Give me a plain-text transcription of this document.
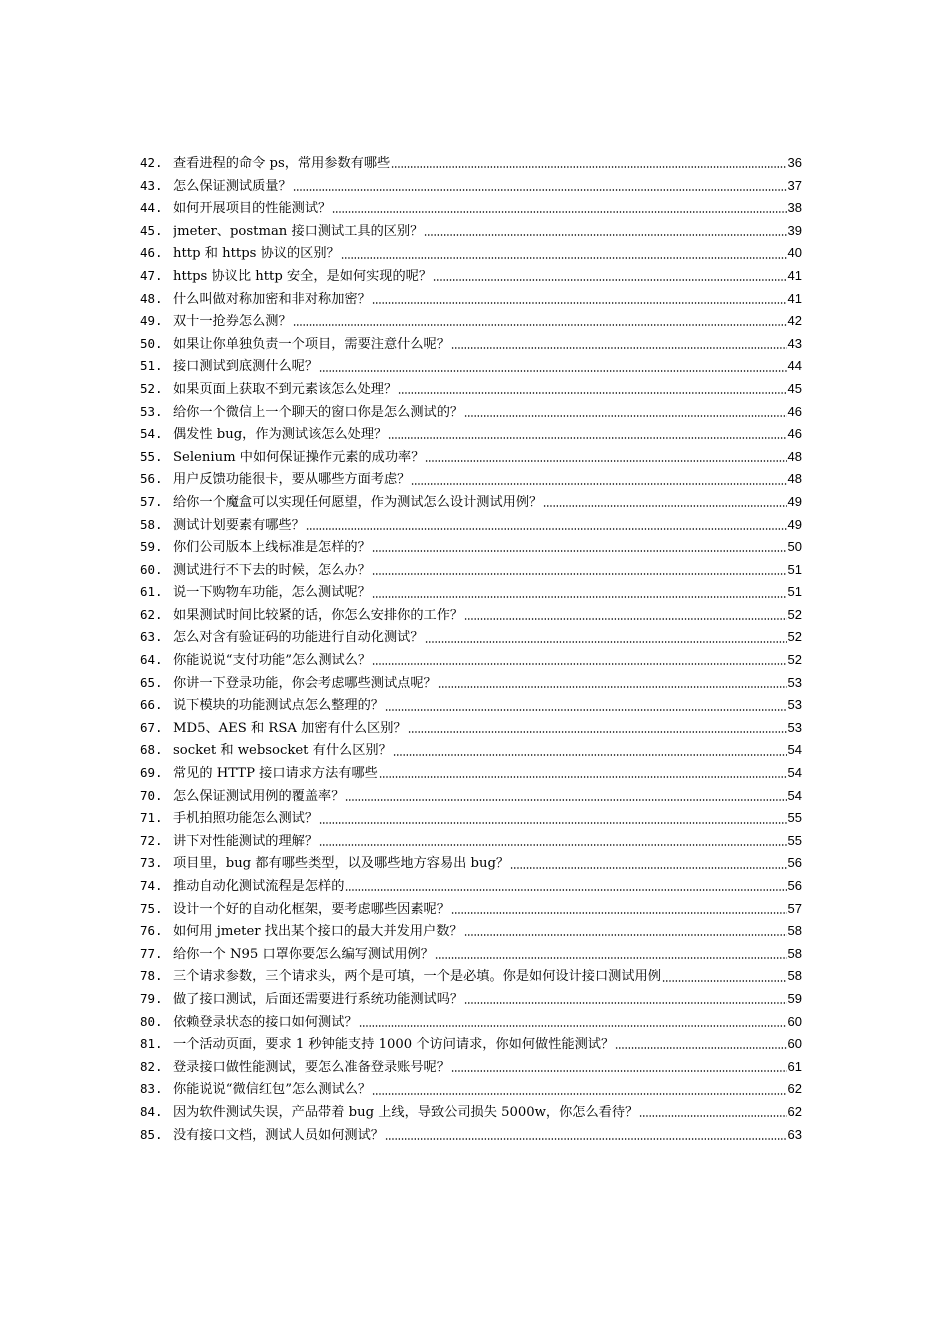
42. 查看进程的命令 ps，常用参数有哪些	36
43. 怎么保证测试质量？	37
44. 如何开展项目的性能测试？	38
45. jmeter、postman 接口测试工具的区别？	39
46. http 和 https 协议的区别？	40
47. https 协议比 http 安全，是如何实现的呢？	41
48. 什么叫做对称加密和非对称加密？	41
49. 双十一抢券怎么测？	42
50. 如果让你单独负责一个项目，需要注意什么呢？	43
51. 接口测试到底测什么呢？	44
52. 如果页面上获取不到元素该怎么处理？	45
53. 给你一个微信上一个聊天的窗口你是怎么测试的？	46
54. 偶发性 bug，作为测试该怎么处理？	46
55. Selenium 中如何保证操作元素的成功率？	48
56. 用户反馈功能很卡，要从哪些方面考虑？	48
57. 给你一个魔盒可以实现任何愿望，作为测试怎么设计测试用例？	49
58. 测试计划要素有哪些？	49
59. 你们公司版本上线标准是怎样的？	50
60. 测试进行不下去的时候，怎么办？	51
61. 说一下购物车功能，怎么测试呢？	51
62. 如果测试时间比较紧的话，你怎么安排你的工作？	52
63. 怎么对含有验证码的功能进行自动化测试？	52
64. 你能说说“支付功能”怎么测试么？	52
65. 你讲一下登录功能，你会考虑哪些测试点呢？	53
66. 说下模块的功能测试点怎么整理的？	53
67. MD5、AES 和 RSA 加密有什么区别？	53
68. socket 和 websocket 有什么区别？	54
69. 常见的 HTTP 接口请求方法有哪些	54
70. 怎么保证测试用例的覆盖率？	54
71. 手机拍照功能怎么测试？	55
72. 讲下对性能测试的理解？	55
73. 项目里，bug 都有哪些类型，以及哪些地方容易出 bug？	56
74. 推动自动化测试流程是怎样的	56
75. 设计一个好的自动化框架，要考虑哪些因素呢？	57
76. 如何用 jmeter 找出某个接口的最大并发用户数？	58
77. 给你一个 N95 口罩你要怎么编写测试用例？	58
78. 三个请求参数，三个请求头，两个是可填，一个是必填。你是如何设计接口测试用例	58
79. 做了接口测试，后面还需要进行系统功能测试吗？	59
80. 依赖登录状态的接口如何测试？	60
81. 一个活动页面，要求 1 秒钟能支持 1000 个访问请求，你如何做性能测试？	60
82. 登录接口做性能测试，要怎么准备登录账号呢？	61
83. 你能说说“微信红包”怎么测试么？	62
84. 因为软件测试失误，产品带着 bug 上线，导致公司损失 5000w，你怎么看待？	62
85. 没有接口文档，测试人员如何测试？	63
